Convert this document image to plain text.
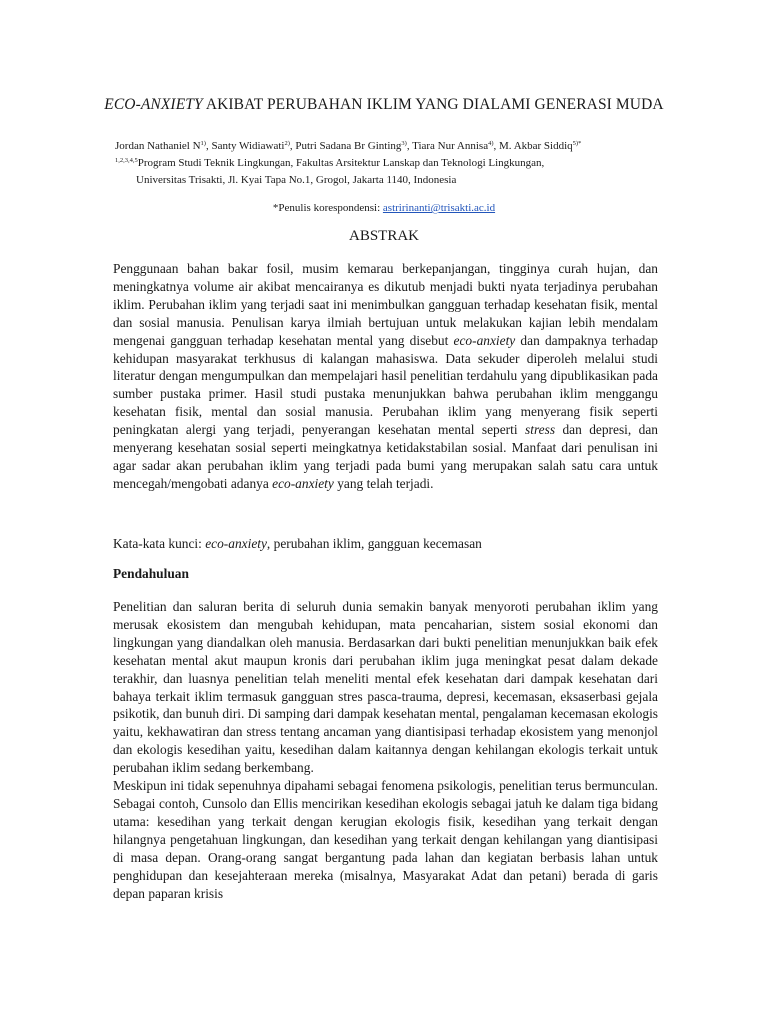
ECO-ANXIETY AKIBAT PERUBAHAN IKLIM YANG DIALAMI GENERASI MUDA
Jordan Nathaniel $N^{1)}$, Santy Widiawati$^{2)}$, Putri Sadana Br Ginting$^{3)}$, Tiara Nur Annisa$^{4)}$, M. Akbar Siddiq$^{5)*}$
$^{1,2,3,4,5}$Program Studi Teknik Lingkungan, Fakultas Arsitektur Lanskap dan Teknologi Lingkungan,
Universitas Trisakti, Jl. Kyai Tapa No.1, Grogol, Jakarta 1140, Indonesia
*Penulis korespondensi: astririnanti@trisakti.ac.id
ABSTRAK
Penggunaan bahan bakar fosil, musim kemarau berkepanjangan, tingginya curah hujan, dan meningkatnya volume air akibat mencairanya es dikutub menjadi bukti nyata terjadinya perubahan iklim. Perubahan iklim yang terjadi saat ini menimbulkan gangguan terhadap kesehatan fisik, mental dan sosial manusia. Penulisan karya ilmiah bertujuan untuk melakukan kajian lebih mendalam mengenai gangguan terhadap kesehatan mental yang disebut eco-anxiety dan dampaknya terhadap kehidupan masyarakat terkhusus di kalangan mahasiswa. Data sekuder diperoleh melalui studi literatur dengan mengumpulkan dan mempelajari hasil penelitian terdahulu yang dipublikasikan pada sumber pustaka primer. Hasil studi pustaka menunjukkan bahwa perubahan iklim menggangu kesehatan fisik, mental dan sosial manusia. Perubahan iklim yang menyerang fisik seperti peningkatan alergi yang terjadi, penyerangan kesehatan mental seperti stress dan depresi, dan menyerang kesehatan sosial seperti meingkatnya ketidakstabilan sosial. Manfaat dari penulisan ini agar sadar akan perubahan iklim yang terjadi pada bumi yang merupakan salah satu cara untuk mencegah/mengobati adanya eco-anxiety yang telah terjadi.
Kata-kata kunci: eco-anxiety, perubahan iklim, gangguan kecemasan
Pendahuluan

Penelitian dan saluran berita di seluruh dunia semakin banyak menyoroti perubahan iklim yang merusak ekosistem dan mengubah kehidupan, mata pencaharian, sistem sosial ekonomi dan lingkungan yang diandalkan oleh manusia. Berdasarkan dari bukti penelitian menunjukkan baik efek kesehatan mental akut maupun kronis dari perubahan iklim juga meningkat pesat dalam dekade terakhir, dan luasnya penelitian telah meneliti mental efek kesehatan dari dampak kesehatan dari bahaya terkait iklim termasuk gangguan stres pasca-trauma, depresi, kecemasan, eksaserbasi gejala psikotik, dan bunuh diri. Di samping dari dampak kesehatan mental, pengalaman kecemasan ekologis yaitu, kekhawatiran dan stress tentang ancaman yang diantisipasi terhadap ekosistem yang menonjol dan ekologis kesedihan yaitu, kesedihan dalam kaitannya dengan kehilangan ekologis terkait untuk perubahan iklim sedang berkembang.

Meskipun ini tidak sepenuhnya dipahami sebagai fenomena psikologis, penelitian terus bermunculan. Sebagai contoh, Cunsolo dan Ellis mencirikan kesedihan ekologis sebagai jatuh ke dalam tiga bidang utama: kesedihan yang terkait dengan kerugian ekologis fisik, kesedihan yang terkait dengan hilangnya pengetahuan lingkungan, dan kesedihan yang terkait dengan kehilangan yang diantisipasi di masa depan. Orang-orang sangat bergantung pada lahan dan kegiatan berbasis lahan untuk penghidupan dan kesejahteraan mereka (misalnya, Masyarakat Adat dan petani) berada di garis depan paparan krisis
